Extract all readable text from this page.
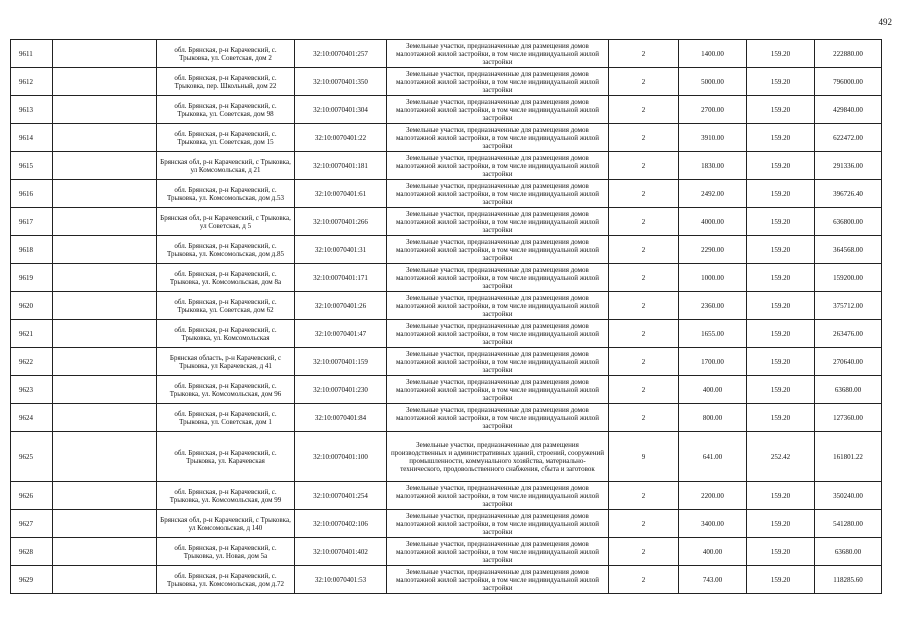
492
9611		обл. Брянская, р-н Карачевский, с. Трыковка, ул. Советская, дом 2	32:10:0070401:257	Земельные участки, предназначенные для размещения домов малоэтажной жилой застройки, в том числе индивидуальной жилой застройки	2	1400.00	159.20	222880.00
9612		обл. Брянская, р-н Карачевский, с. Трыковка, пер. Школьный, дом 22	32:10:0070401:350	Земельные участки, предназначенные для размещения домов малоэтажной жилой застройки, в том числе индивидуальной жилой застройки	2	5000.00	159.20	796000.00
9613		обл. Брянская, р-н Карачевский, с. Трыковка, ул. Советская, дом 98	32:10:0070401:304	Земельные участки, предназначенные для размещения домов малоэтажной жилой застройки, в том числе индивидуальной жилой застройки	2	2700.00	159.20	429840.00
9614		обл. Брянская, р-н Карачевский, с. Трыковка, ул. Советская, дом 15	32:10:0070401:22	Земельные участки, предназначенные для размещения домов малоэтажной жилой застройки, в том числе индивидуальной жилой застройки	2	3910.00	159.20	622472.00
9615		Брянская обл, р-н Карачевский, с Трыковка, ул Комсомольская, д 21	32:10:0070401:181	Земельные участки, предназначенные для размещения домов малоэтажной жилой застройки, в том числе индивидуальной жилой застройки	2	1830.00	159.20	291336.00
9616		обл. Брянская, р-н Карачевский, с. Трыковка, ул. Комсомольская, дом д.53	32:10:0070401:61	Земельные участки, предназначенные для размещения домов малоэтажной жилой застройки, в том числе индивидуальной жилой застройки	2	2492.00	159.20	396726.40
9617		Брянская обл, р-н Карачевский, с Трыковка, ул Советская, д 5	32:10:0070401:266	Земельные участки, предназначенные для размещения домов малоэтажной жилой застройки, в том числе индивидуальной жилой застройки	2	4000.00	159.20	636800.00
9618		обл. Брянская, р-н Карачевский, с. Трыковка, ул. Комсомольская, дом д.85	32:10:0070401:31	Земельные участки, предназначенные для размещения домов малоэтажной жилой застройки, в том числе индивидуальной жилой застройки	2	2290.00	159.20	364568.00
9619		обл. Брянская, р-н Карачевский, с. Трыковка, ул. Комсомольская, дом 8а	32:10:0070401:171	Земельные участки, предназначенные для размещения домов малоэтажной жилой застройки, в том числе индивидуальной жилой застройки	2	1000.00	159.20	159200.00
9620		обл. Брянская, р-н Карачевский, с. Трыковка, ул. Советская, дом 62	32:10:0070401:26	Земельные участки, предназначенные для размещения домов малоэтажной жилой застройки, в том числе индивидуальной жилой застройки	2	2360.00	159.20	375712.00
9621		обл. Брянская, р-н Карачевский, с. Трыковка, ул. Комсомольская	32:10:0070401:47	Земельные участки, предназначенные для размещения домов малоэтажной жилой застройки, в том числе индивидуальной жилой застройки	2	1655.00	159.20	263476.00
9622		Брянская область, р-н Карачевский, с Трыковка, ул Карачевская, д 41	32:10:0070401:159	Земельные участки, предназначенные для размещения домов малоэтажной жилой застройки, в том числе индивидуальной жилой застройки	2	1700.00	159.20	270640.00
9623		обл. Брянская, р-н Карачевский, с. Трыковка, ул. Комсомольская, дом 96	32:10:0070401:230	Земельные участки, предназначенные для размещения домов малоэтажной жилой застройки, в том числе индивидуальной жилой застройки	2	400.00	159.20	63680.00
9624		обл. Брянская, р-н Карачевский, с. Трыковка, ул. Советская, дом 1	32:10:0070401:84	Земельные участки, предназначенные для размещения домов малоэтажной жилой застройки, в том числе индивидуальной жилой застройки	2	800.00	159.20	127360.00
9625		обл. Брянская, р-н Карачевский, с. Трыковка, ул. Карачевская	32:10:0070401:100	Земельные участки, предназначенные для размещения производственных и административных зданий, строений, сооружений промышленности, коммунального хозяйства, материально-технического, продовольственного снабжения, сбыта и заготовок	9	641.00	252.42	161801.22
9626		обл. Брянская, р-н Карачевский, с. Трыковка, ул. Комсомольская, дом 99	32:10:0070401:254	Земельные участки, предназначенные для размещения домов малоэтажной жилой застройки, в том числе индивидуальной жилой застройки	2	2200.00	159.20	350240.00
9627		Брянская обл, р-н Карачевский, с Трыковка, ул Комсомольская, д 140	32:10:0070402:106	Земельные участки, предназначенные для размещения домов малоэтажной жилой застройки, в том числе индивидуальной жилой застройки	2	3400.00	159.20	541280.00
9628		обл. Брянская, р-н Карачевский, с. Трыковка, ул. Новая, дом 5а	32:10:0070401:402	Земельные участки, предназначенные для размещения домов малоэтажной жилой застройки, в том числе индивидуальной жилой застройки	2	400.00	159.20	63680.00
9629		обл. Брянская, р-н Карачевский, с. Трыковка, ул. Комсомольская, дом д.72	32:10:0070401:53	Земельные участки, предназначенные для размещения домов малоэтажной жилой застройки, в том числе индивидуальной жилой застройки	2	743.00	159.20	118285.60
